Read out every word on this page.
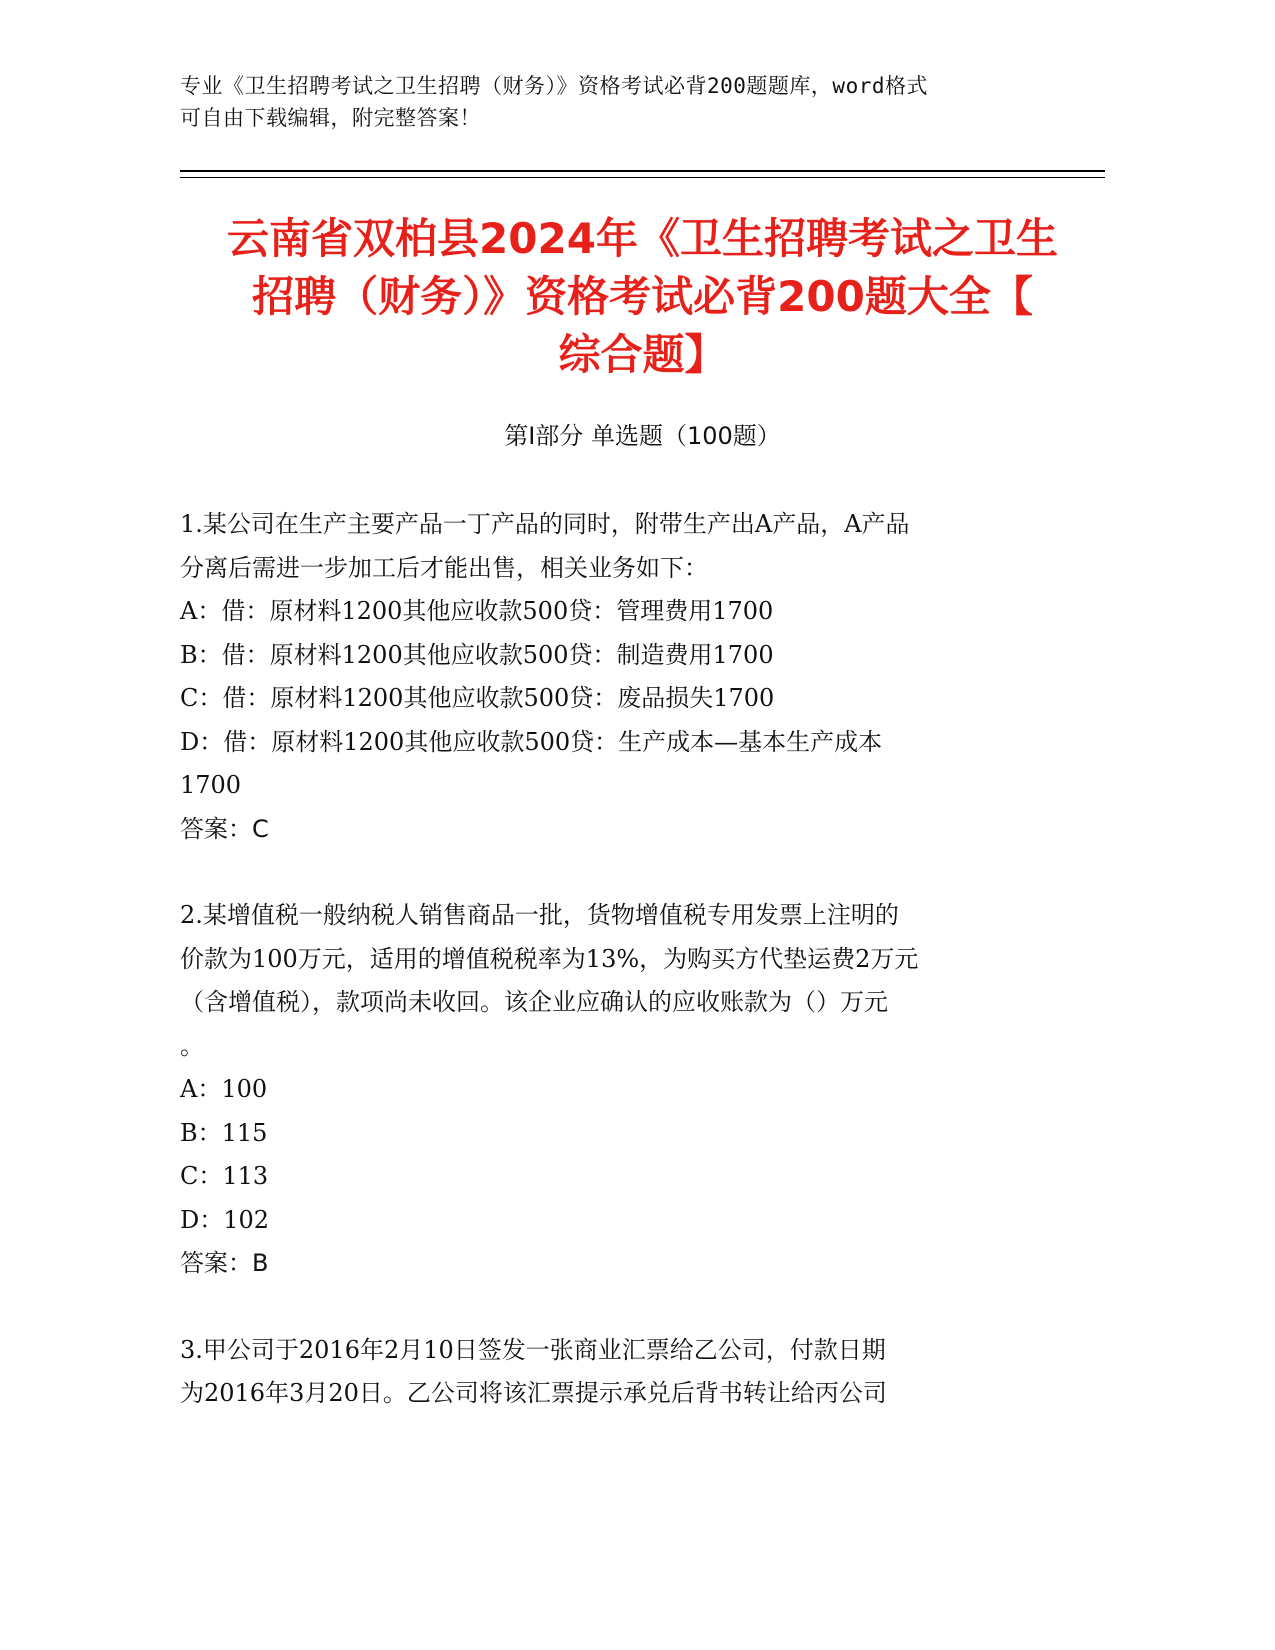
专业《卫生招聘考试之卫生招聘（财务）》资格考试必背200题题库，word格式
可自由下载编辑，附完整答案！
云南省双柏县2024年《卫生招聘考试之卫生
招聘（财务）》资格考试必背200题大全【
综合题】
第Ⅰ部分 单选题（100题）
1.某公司在生产主要产品一丁产品的同时，附带生产出A产品，A产品
分离后需进一步加工后才能出售，相关业务如下：
A：借：原材料1200其他应收款500贷：管理费用1700
B：借：原材料1200其他应收款500贷：制造费用1700
C：借：原材料1200其他应收款500贷：废品损失1700
D：借：原材料1200其他应收款500贷：生产成本—基本生产成本
1700
答案：C
2.某增值税一般纳税人销售商品一批，货物增值税专用发票上注明的
价款为100万元，适用的增值税税率为13%，为购买方代垫运费2万元
（含增值税），款项尚未收回。该企业应确认的应收账款为（）万元
。
A：100
B：115
C：113
D：102
答案：B
3.甲公司于2016年2月10日签发一张商业汇票给乙公司，付款日期
为2016年3月20日。乙公司将该汇票提示承兑后背书转让给丙公司
